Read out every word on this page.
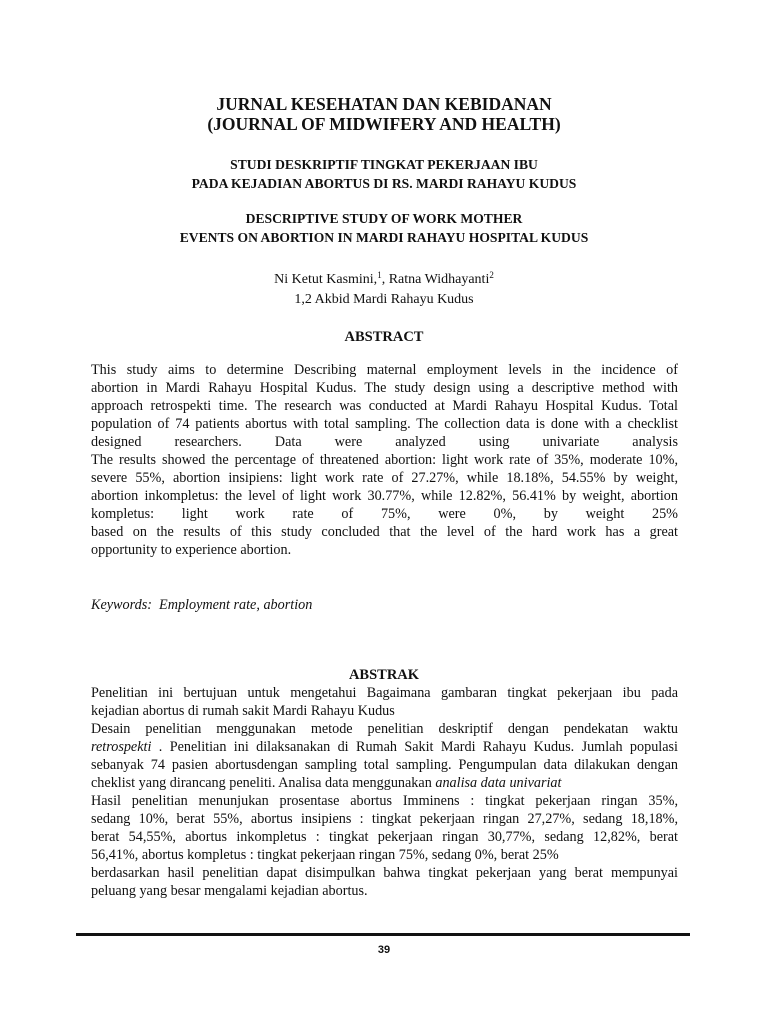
JURNAL KESEHATAN DAN KEBIDANAN
(JOURNAL OF MIDWIFERY AND HEALTH)
STUDI DESKRIPTIF TINGKAT PEKERJAAN IBU
PADA KEJADIAN ABORTUS DI RS. MARDI RAHAYU KUDUS
DESCRIPTIVE STUDY OF WORK MOTHER
EVENTS ON ABORTION IN MARDI RAHAYU HOSPITAL KUDUS
Ni Ketut Kasmini,$^1$, Ratna Widhayanti$^2$
1,2 Akbid Mardi Rahayu Kudus
ABSTRACT
This study aims to determine Describing maternal employment levels in the incidence of
abortion in Mardi Rahayu Hospital Kudus. The study design using a descriptive method with
approach retrospekti time. The research was conducted at Mardi Rahayu Hospital Kudus. Total
population of 74 patients abortus with total sampling. The collection data is done with a checklist
designed researchers. Data were analyzed using univariate analysis
The results showed the percentage of threatened abortion: light work rate of 35%, moderate 10%,
severe 55%, abortion insipiens: light work rate of 27.27%, while 18.18%, 54.55% by weight,
abortion inkompletus: the level of light work 30.77%, while 12.82%, 56.41% by weight, abortion
kompletus: light work rate of 75%, were 0%, by weight 25%
based on the results of this study concluded that the level of the hard work has a great
opportunity to experience abortion.
Keywords:  Employment rate, abortion
ABSTRAK
Penelitian ini bertujuan untuk mengetahui Bagaimana gambaran tingkat pekerjaan ibu pada
kejadian abortus di rumah sakit Mardi Rahayu Kudus
Desain penelitian menggunakan metode penelitian deskriptif dengan pendekatan waktu
retrospekti . Penelitian ini dilaksanakan di Rumah Sakit Mardi Rahayu Kudus. Jumlah populasi
sebanyak 74 pasien abortusdengan sampling total sampling. Pengumpulan data dilakukan dengan
cheklist yang dirancang peneliti. Analisa data menggunakan analisa data univariat
Hasil penelitian menunjukan prosentase abortus Imminens : tingkat pekerjaan ringan 35%,
sedang 10%, berat 55%, abortus insipiens : tingkat pekerjaan ringan 27,27%, sedang 18,18%,
berat 54,55%, abortus inkompletus : tingkat pekerjaan ringan 30,77%, sedang 12,82%, berat
56,41%, abortus kompletus : tingkat pekerjaan ringan 75%, sedang 0%, berat 25%
berdasarkan hasil penelitian dapat disimpulkan bahwa tingkat pekerjaan yang berat mempunyai
peluang yang besar mengalami kejadian abortus.
39
